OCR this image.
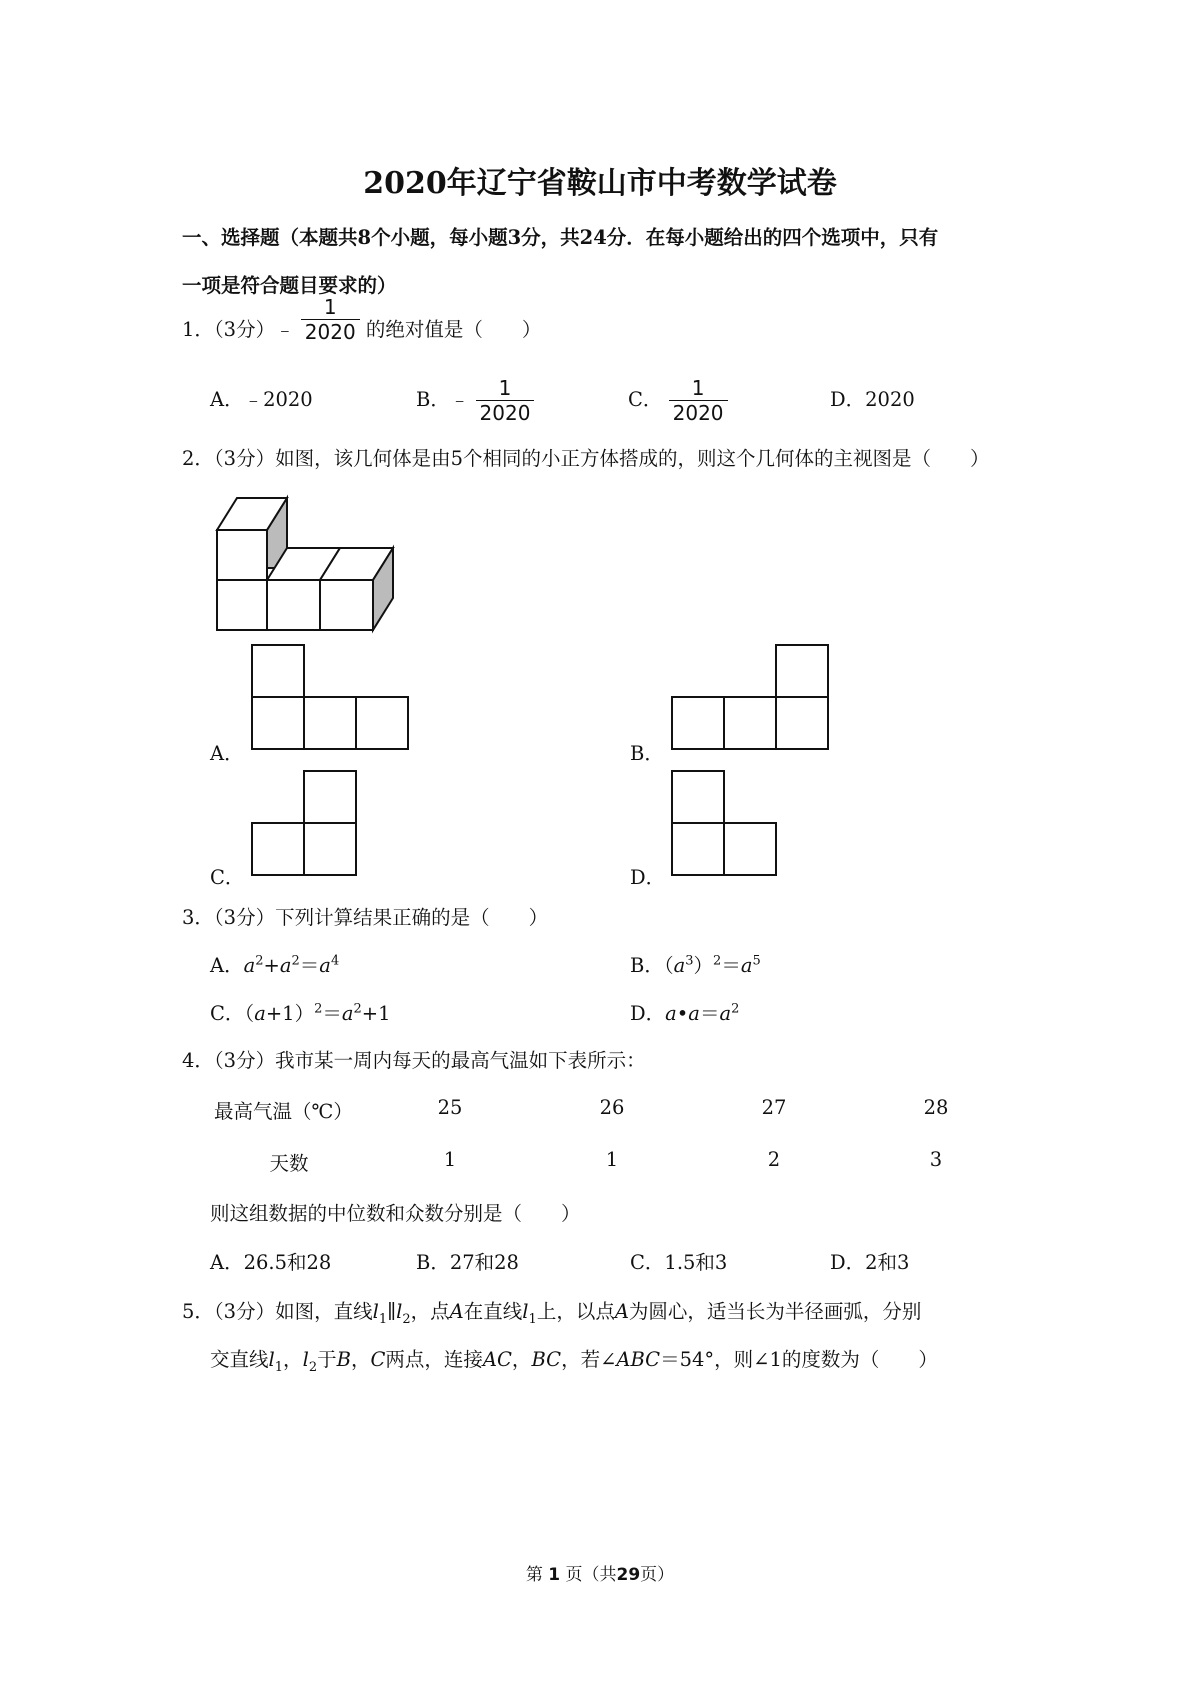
2020年辽宁省鞍山市中考数学试卷
一、选择题（本题共8个小题，每小题3分，共24分．在每小题给出的四个选项中，只有
一项是符合题目要求的）
1．（3分）﹣ $\frac{1}{2020}$ 的绝对值是（　　）
A．﹣2020	B．﹣ $\frac{1}{2020}$	C． $\frac{1}{2020}$	D．2020
2．（3分）如图，该几何体是由5个相同的小正方体搭成的，则这个几何体的主视图是（　　）
A．	B．
C．	D．
3．（3分）下列计算结果正确的是（　　）
A．$a^2+a^2=a^4$	B．$(a^3)^2=a^5$
C．$(a+1)^2=a^2+1$	D．$a•a=a^2$
4．（3分）我市某一周内每天的最高气温如下表所示：
最高气温（℃）	25	26	27	28
天数	1	1	2	3
则这组数据的中位数和众数分别是（　　）
A．26.5和28	B．27和28	C．1.5和3	D．2和3
5．（3分）如图，直线$l_1\parallel l_2$，点A在直线$l_1$上，以点A为圆心，适当长为半径画弧，分别
交直线$l_1$，$l_2$于B，C两点，连接AC，BC，若∠ABC＝54°，则∠1的度数为（　　）
第 1 页（共29页）
